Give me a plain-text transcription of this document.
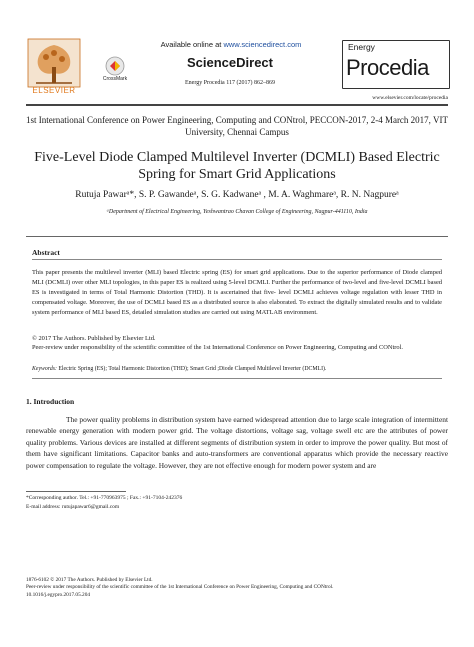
ELSEVIER
Available online at www.sciencedirect.com
CrossMark
ScienceDirect
Energy Procedia 117 (2017) 862–869
Energy
Procedia
www.elsevier.com/locate/procedia
1st International Conference on Power Engineering, Computing and CONtrol, PECCON-2017, 2-4 March 2017, VIT University, Chennai Campus
Five-Level Diode Clamped Multilevel Inverter (DCMLI) Based Electric Spring for Smart Grid Applications
Rutuja Pawarᵃ*, S. P. Gawandeᵃ, S. G. Kadwaneᵃ , M. A. Waghmareᵃ, R. N. Nagpureᵃ
ᵃDepartment of Electrical Engineering, Yeshwantrao Chavan College of Engineering, Nagpur-441110, India
Abstract
This paper presents the multilevel inverter (MLI) based Electric spring (ES) for smart grid applications. Due to the superior performance of Diode clamped MLI (DCMLI) over other MLI topologies, in this paper ES is realized using 5-level DCMLI. Further the performance of two-level and five-level DCMLI based ES is investigated in terms of Total Harmonic Distortion (THD). It is ascertained that five- level DCMLI achieves voltage regulation with lesser THD in compensated voltage. Moreover, the use of DCMLI based ES as a distributed source is also elaborated. To extract the digitally simulated results and to validate system performance of MLI based ES, detailed simulation studies are carried out using MATLAB environment.
© 2017 The Authors. Published by Elsevier Ltd.
Peer-review under responsibility of the scientific committee of the 1st International Conference on Power Engineering, Computing and CONtrol.
Keywords: Electric Spring (ES); Total Harmonic Distortion (THD); Smart Grid ;Diode Clamped Multilevel Inverter (DCMLI).
1. Introduction
The power quality problems in distribution system have earned widespread attention due to large scale integration of intermittent renewable energy generation with modern power grid. The voltage distortions, voltage sag, voltage swell etc are the attributes of power quality problems. Various devices are installed at different segments of distribution system in order to improve the power quality. But most of them have significant limitations. Capacitor banks and auto-transformers are conventional apparatus which provide the necessary reactive power compensation to regulate the voltage. However, they are not effective enough for modern power system and are
*Corresponding author. Tel.: +91-770963975 ; Fax.: +91-7104-242376
E-mail address: rutujapawar6@gmail.com
1876-6102 © 2017 The Authors. Published by Elsevier Ltd.
Peer-review under responsibility of the scientific committee of the 1st International Conference on Power Engineering, Computing and CONtrol.
10.1016/j.egypro.2017.05.204
